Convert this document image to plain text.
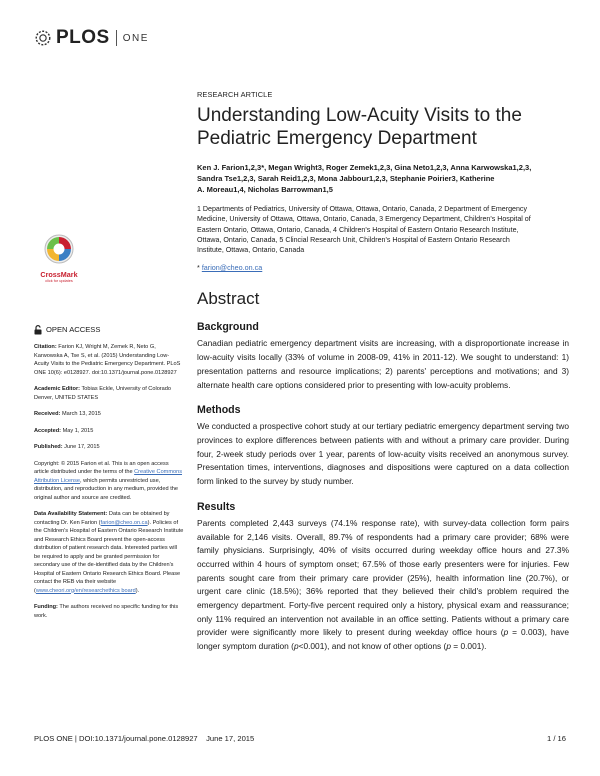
PLOS ONE
RESEARCH ARTICLE
Understanding Low-Acuity Visits to the
Pediatric Emergency Department
Ken J. Farion1,2,3*, Megan Wright3, Roger Zemek1,2,3, Gina Neto1,2,3, Anna Karwowska1,2,3,
Sandra Tse1,2,3, Sarah Reid1,2,3, Mona Jabbour1,2,3, Stephanie Poirier3, Katherine
A. Moreau1,4, Nicholas Barrowman1,5
1 Departments of Pediatrics, University of Ottawa, Ottawa, Ontario, Canada, 2 Department of Emergency
Medicine, University of Ottawa, Ottawa, Ontario, Canada, 3 Emergency Department, Children's Hospital of
Eastern Ontario, Ottawa, Ontario, Canada, 4 Children's Hospital of Eastern Ontario Research Institute,
Ottawa, Ontario, Canada, 5 Clincial Research Unit, Children's Hospital of Eastern Ontario Research
Institute, Ottawa, Ontario, Canada
* farion@cheo.on.ca
Abstract
Background
Canadian pediatric emergency department visits are increasing, with a disproportionate increase in low-acuity visits locally (33% of volume in 2008-09, 41% in 2011-12). We sought to understand: 1) presentation patterns and resource implications; 2) parents' perceptions and motivations; and 3) alternate health care options considered prior to presenting with low-acuity problems.
Methods
We conducted a prospective cohort study at our tertiary pediatric emergency department serving two provinces to explore differences between patients with and without a primary care provider. During four, 2-week study periods over 1 year, parents of low-acuity visits received an anonymous survey. Presentation times, interventions, diagnoses and dispositions were captured on a data collection form linked to the survey by study number.
Results
Parents completed 2,443 surveys (74.1% response rate), with survey-data collection form pairs available for 2,146 visits. Overall, 89.7% of respondents had a primary care provider; 68% were family physicians. Surprisingly, 40% of visits occurred during weekday office hours and 27.3% occurred within 4 hours of symptom onset; 67.5% of those early presenters were for injuries. Few parents sought care from their primary care provider (25%), health information line (20.7%), or urgent care clinic (18.5%); 36% reported that they believed their child's problem required the emergency department. Forty-five percent required only a history, physical exam and reassurance; only 11% required an intervention not available in an office setting. Patients without a primary care provider were significantly more likely to present during weekday office hours (p = 0.003), have longer symptom duration (p<0.001), and not know of other options (p = 0.001).
CrossMark
click for updates
OPEN ACCESS

Citation: Farion KJ, Wright M, Zemek R, Neto G, Karwowska A, Tse S, et al. (2015) Understanding Low-Acuity Visits to the Pediatric Emergency Department. PLoS ONE 10(6): e0128927. doi:10.1371/journal.pone.0128927

Academic Editor: Tobias Eckle, University of Colorado Denver, UNITED STATES

Received: March 13, 2015

Accepted: May 1, 2015

Published: June 17, 2015

Copyright: © 2015 Farion et al. This is an open access article distributed under the terms of the Creative Commons Attribution License, which permits unrestricted use, distribution, and reproduction in any medium, provided the original author and source are credited.

Data Availability Statement: Data can be obtained by contacting Dr. Ken Farion (farion@cheo.on.ca). Policies of the Children's Hospital of Eastern Ontario Research Institute and Research Ethics Board prevent the open-access distribution of patient research data. Interested parties will be required to apply and be granted permission for secondary use of the de-identified data by the Children's Hospital of Eastern Ontario Research Ethics Board. Please contact the REB via their website (www.cheori.org/en/researchethics board).

Funding: The authors received no specific funding for this work.

PLOS ONE | DOI:10.1371/journal.pone.0128927    June 17, 2015	1 / 16
